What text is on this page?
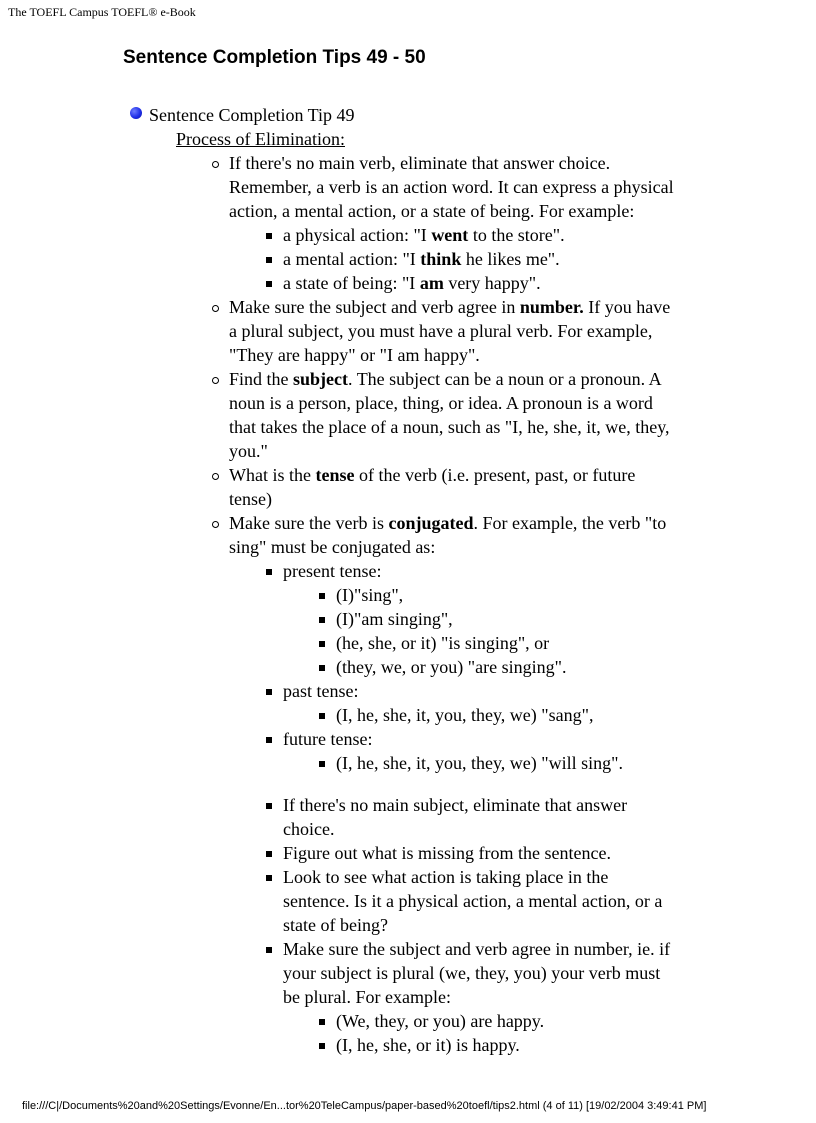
The TOEFL Campus TOEFL® e-Book
Sentence Completion Tips 49 - 50
Sentence Completion Tip 49
Process of Elimination:
If there's no main verb, eliminate that answer choice.
Remember, a verb is an action word. It can express a physical
action, a mental action, or a state of being. For example:
a physical action: "I went to the store".
a mental action: "I think he likes me".
a state of being: "I am very happy".
Make sure the subject and verb agree in number. If you have
a plural subject, you must have a plural verb. For example,
"They are happy" or "I am happy".
Find the subject. The subject can be a noun or a pronoun. A
noun is a person, place, thing, or idea. A pronoun is a word
that takes the place of a noun, such as "I, he, she, it, we, they,
you."
What is the tense of the verb (i.e. present, past, or future
tense)
Make sure the verb is conjugated. For example, the verb "to
sing" must be conjugated as:
present tense:
(I)"sing",
(I)"am singing",
(he, she, or it) "is singing", or
(they, we, or you) "are singing".
past tense:
(I, he, she, it, you, they, we) "sang",
future tense:
(I, he, she, it, you, they, we) "will sing".
If there's no main subject, eliminate that answer
choice.
Figure out what is missing from the sentence.
Look to see what action is taking place in the
sentence. Is it a physical action, a mental action, or a
state of being?
Make sure the subject and verb agree in number, ie. if
your subject is plural (we, they, you) your verb must
be plural. For example:
(We, they, or you) are happy.
(I, he, she, or it) is happy.
file:///C|/Documents%20and%20Settings/Evonne/En...tor%20TeleCampus/paper-based%20toefl/tips2.html (4 of 11) [19/02/2004 3:49:41 PM]
